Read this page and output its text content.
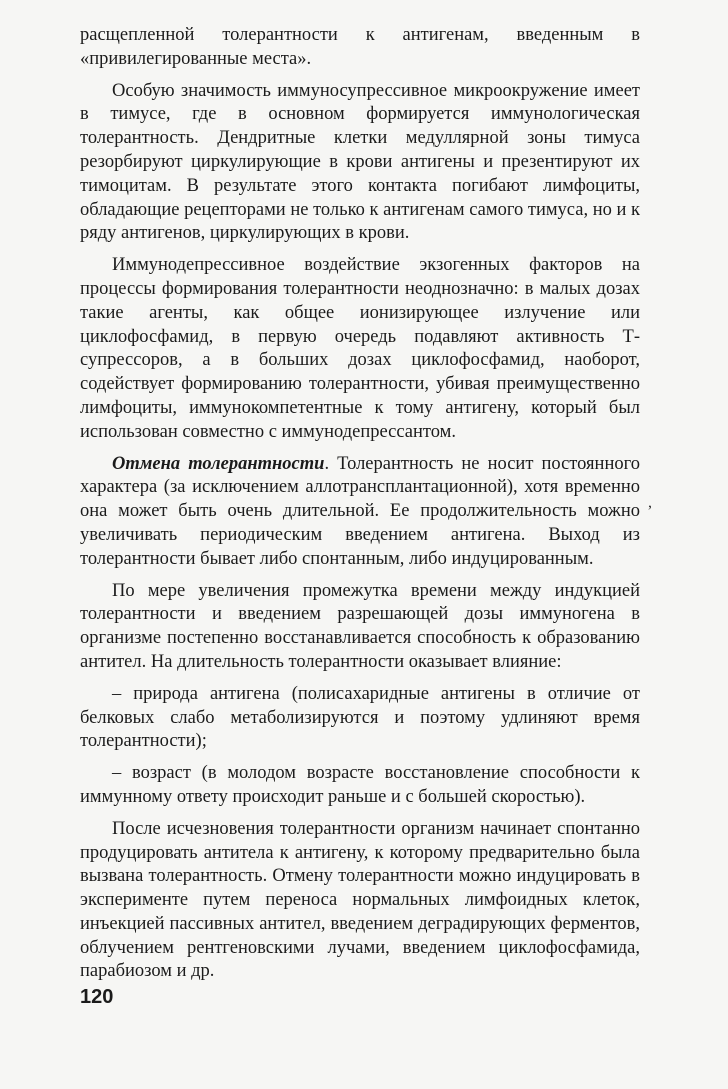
расщепленной толерантности к антигенам, введенным в «привилегированные места».

Особую значимость иммуносупрессивное микроокружение имеет в тимусе, где в основном формируется иммунологическая толерантность. Дендритные клетки медуллярной зоны тимуса резорбируют циркулирующие в крови антигены и презентируют их тимоцитам. В результате этого контакта погибают лимфоциты, обладающие рецепторами не только к антигенам самого тимуса, но и к ряду антигенов, циркулирующих в крови.

Иммунодепрессивное воздействие экзогенных факторов на процессы формирования толерантности неоднозначно: в малых дозах такие агенты, как общее ионизирующее излучение или циклофосфамид, в первую очередь подавляют активность Т-супрессоров, а в больших дозах циклофосфамид, наоборот, содействует формированию толерантности, убивая преимущественно лимфоциты, иммунокомпетентные к тому антигену, который был использован совместно с иммунодепрессантом.

Отмена толерантности. Толерантность не носит постоянного характера (за исключением аллотрансплантационной), хотя временно она может быть очень длительной. Ее продолжительность можно увеличивать периодическим введением антигена. Выход из толерантности бывает либо спонтанным, либо индуцированным.

По мере увеличения промежутка времени между индукцией толерантности и введением разрешающей дозы иммуногена в организме постепенно восстанавливается способность к образованию антител. На длительность толерантности оказывает влияние:

– природа антигена (полисахаридные антигены в отличие от белковых слабо метаболизируются и поэтому удлиняют время толерантности);

– возраст (в молодом возрасте восстановление способности к иммунному ответу происходит раньше и с большей скоростью).

После исчезновения толерантности организм начинает спонтанно продуцировать антитела к антигену, к которому предварительно была вызвана толерантность. Отмену толерантности можно индуцировать в эксперименте путем переноса нормальных лимфоидных клеток, инъекцией пассивных антител, введением деградирующих ферментов, облучением рентгеновскими лучами, введением циклофосфамида, парабиозом и др.

,
120
